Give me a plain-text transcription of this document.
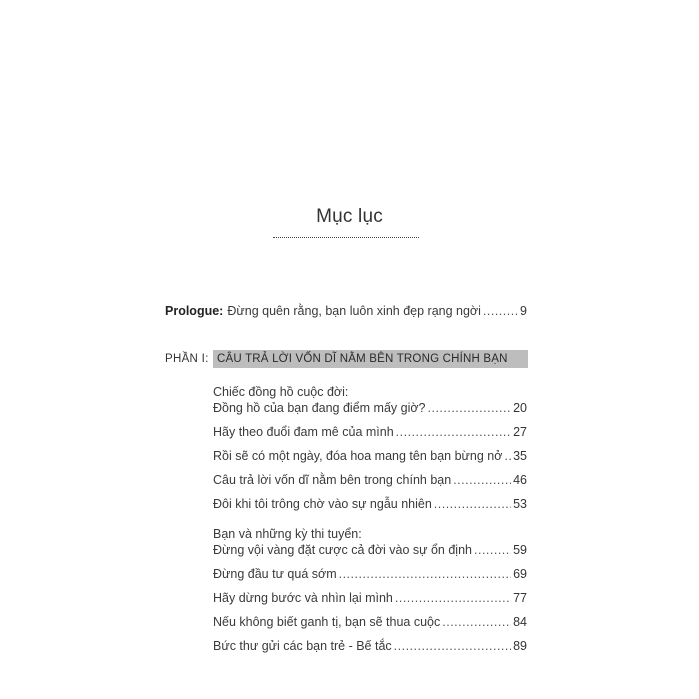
Mục lục
Prologue: Đừng quên rằng, bạn luôn xinh đẹp rạng ngời .....	9
PHẦN I: CÂU TRẢ LỜI VỐN DĨ NẰM BÊN TRONG CHÍNH BẠN
Chiếc đồng hồ cuộc đời:
Đồng hồ của bạn đang điểm mấy giờ? .....	20
Hãy theo đuổi đam mê của mình .....	27
Rồi sẽ có một ngày, đóa hoa mang tên bạn bừng nở ..... 35
Câu trả lời vốn dĩ nằm bên trong chính bạn .....	46
Đôi khi tôi trông chờ vào sự ngẫu nhiên .....	53
Bạn và những kỳ thi tuyển:
Đừng vội vàng đặt cược cả đời vào sự ổn định .....	59
Đừng đầu tư quá sớm .....	69
Hãy dừng bước và nhìn lại mình .....	77
Nếu không biết ganh tị, bạn sẽ thua cuộc .....	84
Bức thư gửi các bạn trẻ - Bế tắc .....	89
